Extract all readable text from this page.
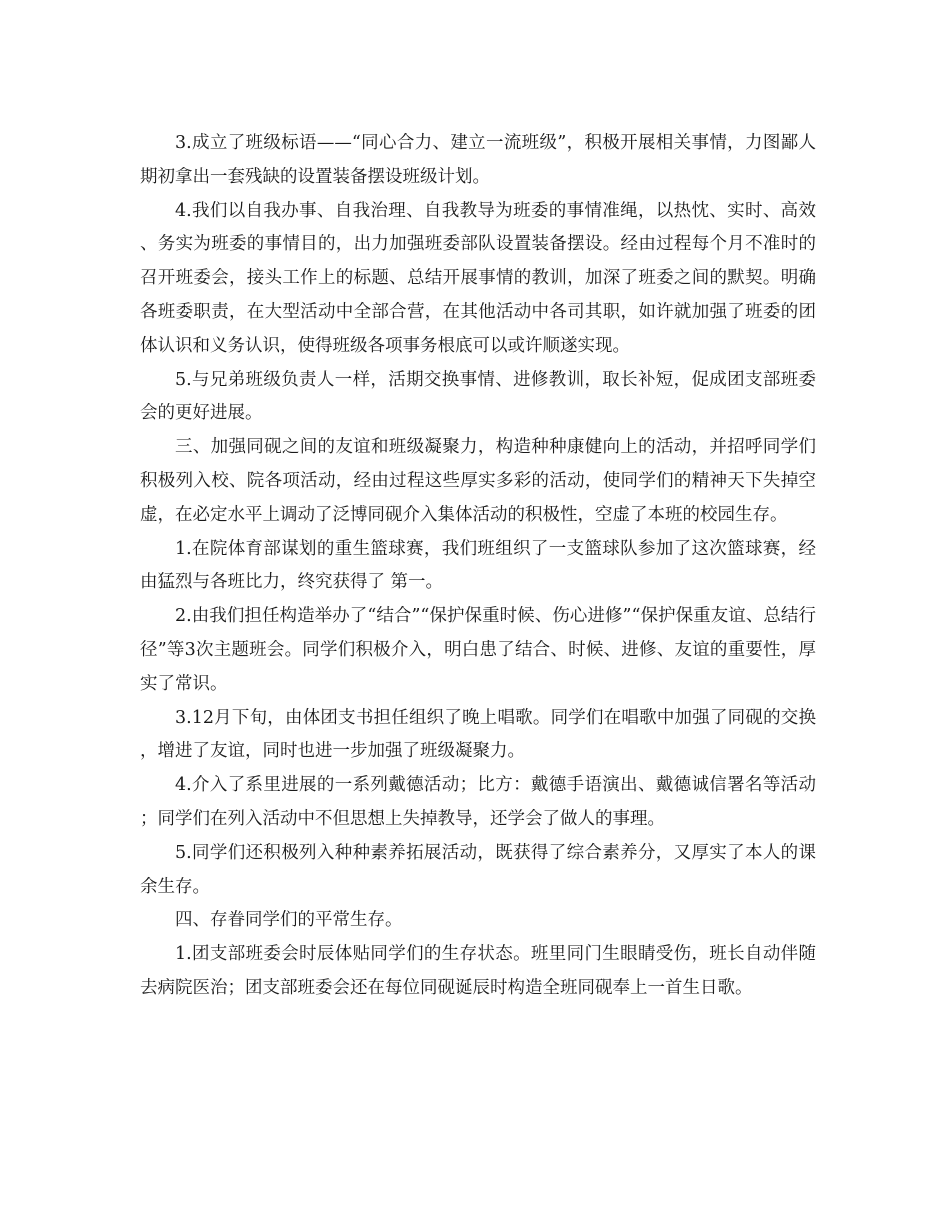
3.成立了班级标语——“同心合力、建立一流班级”，积极开展相关事情，力图鄙人期初拿出一套残缺的设置装备摆设班级计划。

4.我们以自我办事、自我治理、自我教导为班委的事情准绳，以热忱、实时、高效、务实为班委的事情目的，出力加强班委部队设置装备摆设。经由过程每个月不准时的召开班委会，接头工作上的标题、总结开展事情的教训，加深了班委之间的默契。明确各班委职责，在大型活动中全部合营，在其他活动中各司其职，如许就加强了班委的团体认识和义务认识，使得班级各项事务根底可以或许顺遂实现。

5.与兄弟班级负责人一样，活期交换事情、进修教训，取长补短，促成团支部班委会的更好进展。

三、加强同砚之间的友谊和班级凝聚力，构造种种康健向上的活动，并招呼同学们积极列入校、院各项活动，经由过程这些厚实多彩的活动，使同学们的精神天下失掉空虚，在必定水平上调动了泛博同砚介入集体活动的积极性，空虚了本班的校园生存。

1.在院体育部谋划的重生篮球赛，我们班组织了一支篮球队参加了这次篮球赛，经由猛烈与各班比力，终究获得了 第一。

2.由我们担任构造举办了“结合”“保护保重时候、伤心进修”“保护保重友谊、总结行径”等3次主题班会。同学们积极介入，明白患了结合、时候、进修、友谊的重要性，厚实了常识。

3.12月下旬，由体团支书担任组织了晚上唱歌。同学们在唱歌中加强了同砚的交换，增进了友谊，同时也进一步加强了班级凝聚力。

4.介入了系里进展的一系列戴德活动；比方：戴德手语演出、戴德诚信署名等活动；同学们在列入活动中不但思想上失掉教导，还学会了做人的事理。

5.同学们还积极列入种种素养拓展活动，既获得了综合素养分，又厚实了本人的课余生存。

四、存眷同学们的平常生存。

1.团支部班委会时辰体贴同学们的生存状态。班里同门生眼睛受伤，班长自动伴随去病院医治；团支部班委会还在每位同砚诞辰时构造全班同砚奉上一首生日歌。
